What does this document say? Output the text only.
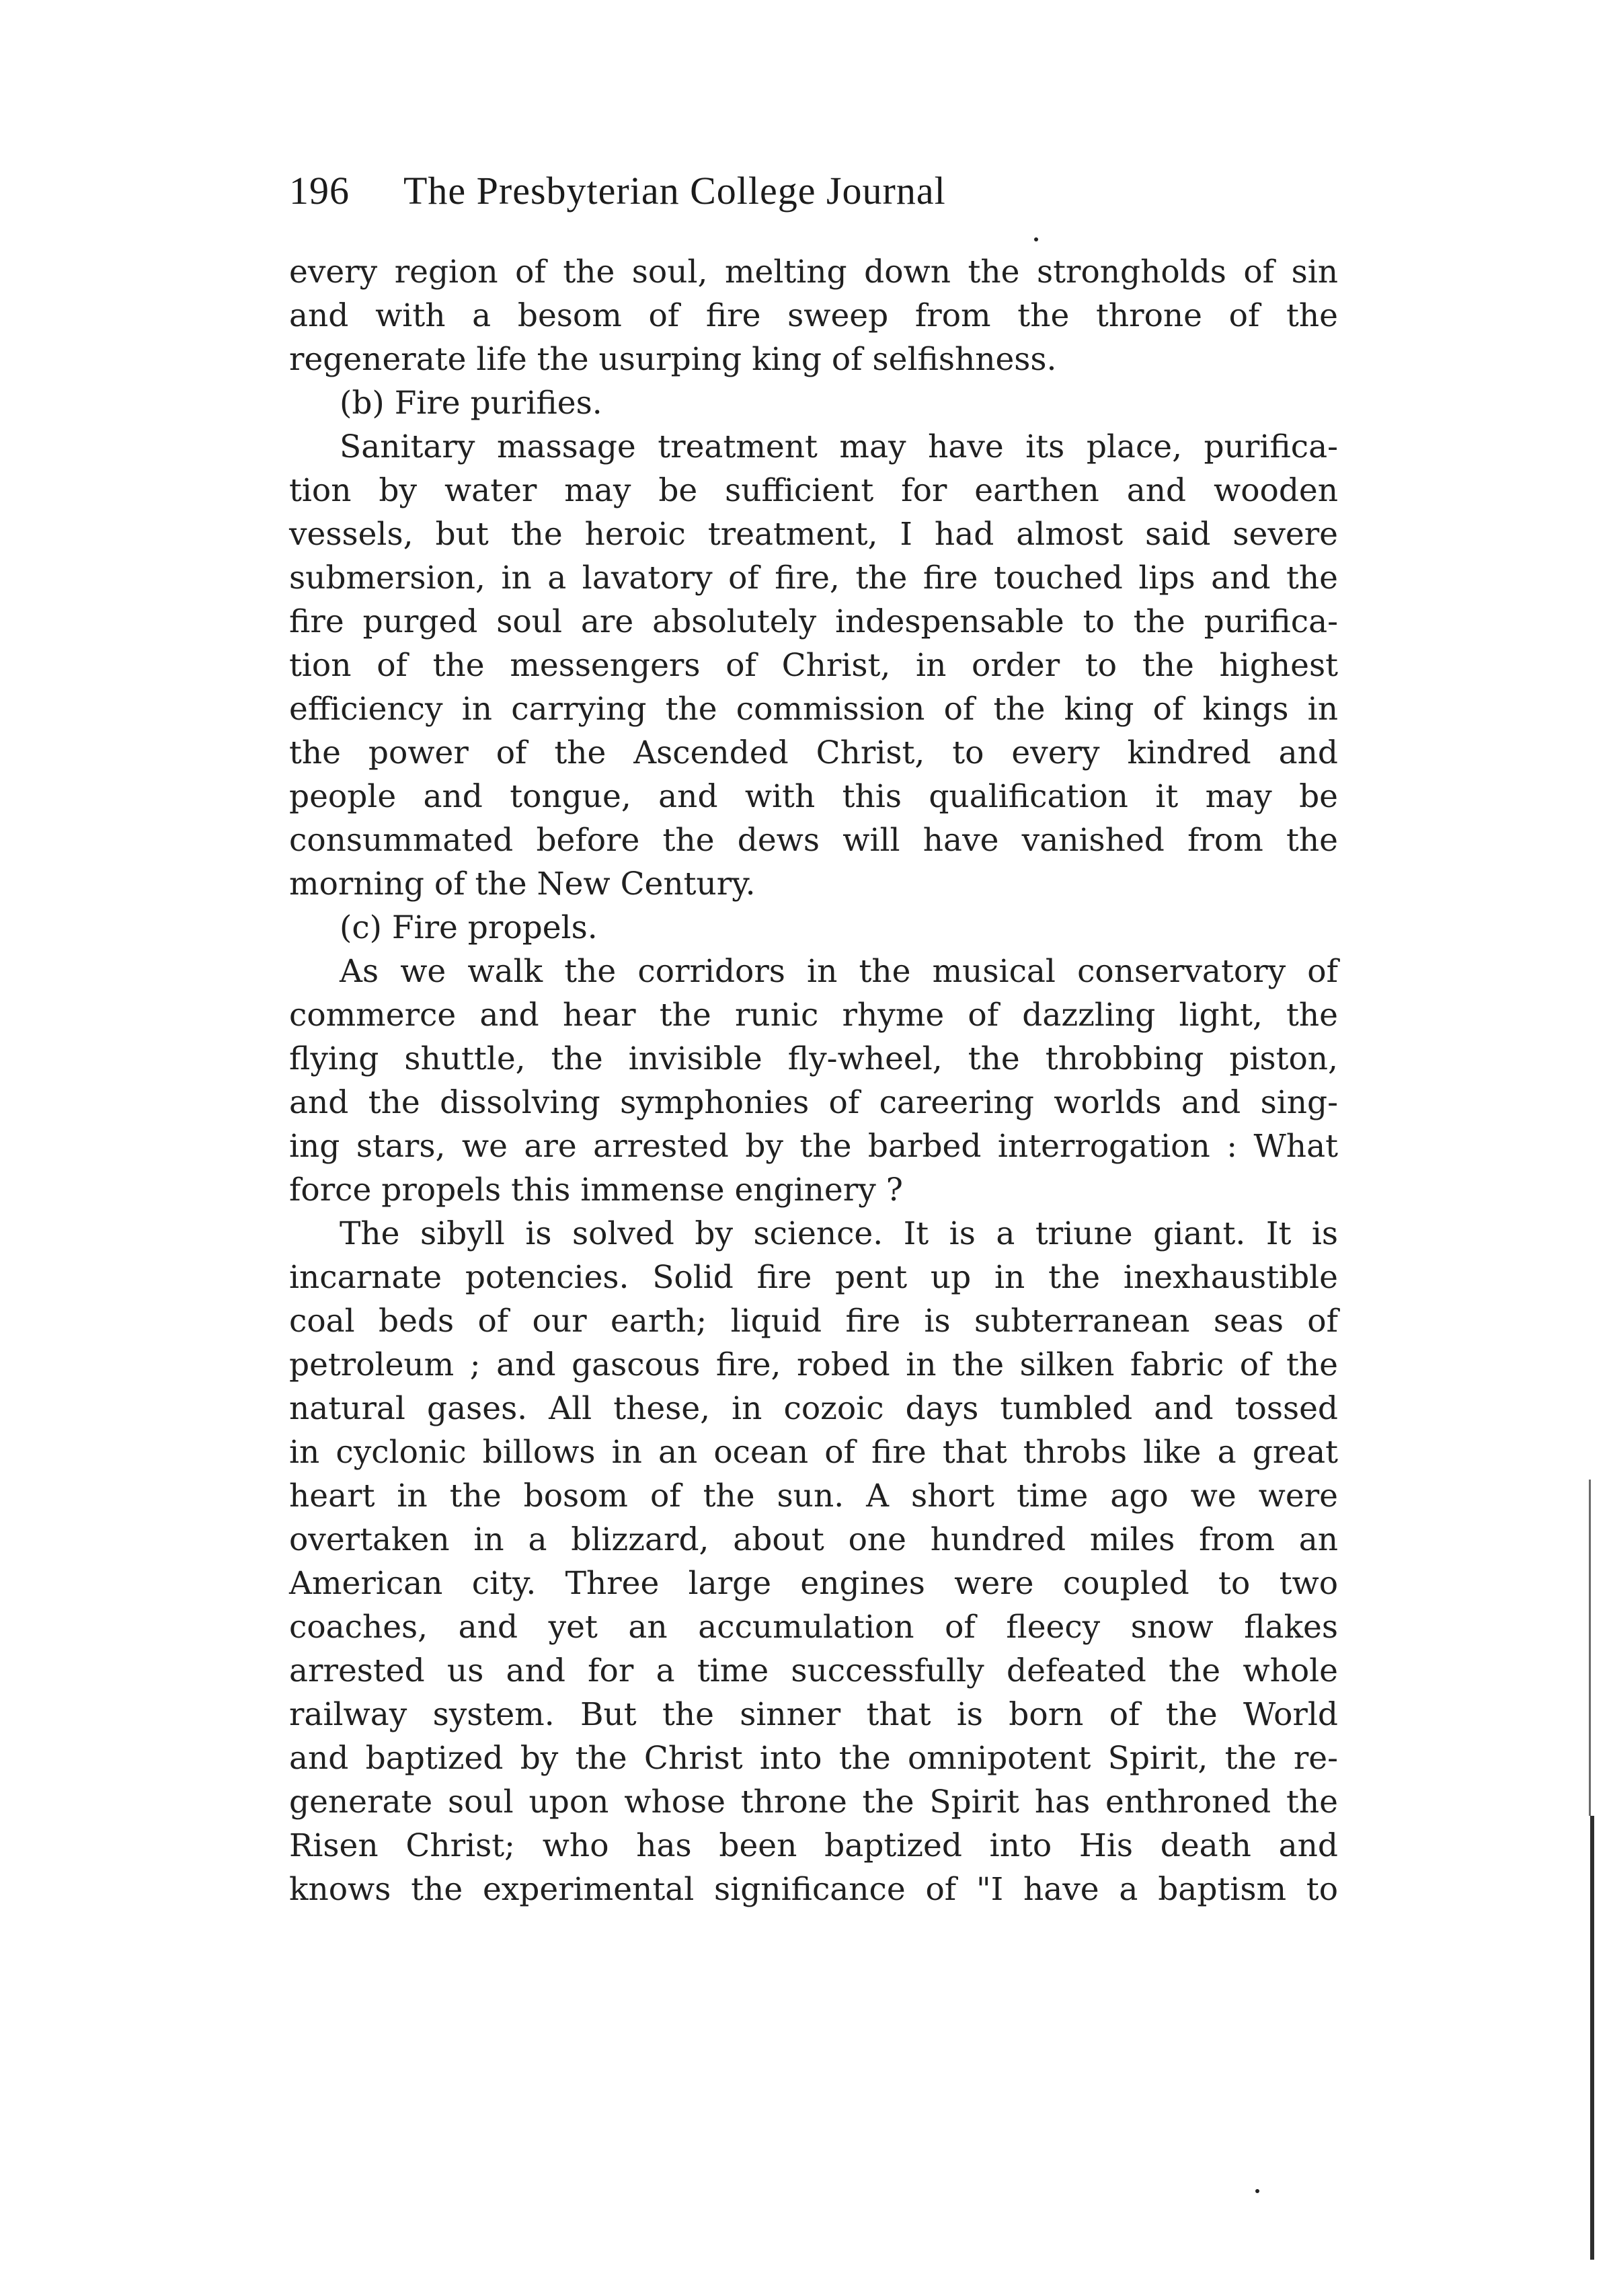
196	The Presbyterian College Journal
every region of the soul, melting down the strongholds of sin
and with a besom of fire sweep from the throne of the
regenerate life the usurping king of selfishness.
(b) Fire purifies.
Sanitary massage treatment may have its place, purifica-
tion by water may be sufficient for earthen and wooden
vessels, but the heroic treatment, I had almost said severe
submersion, in a lavatory of fire, the fire touched lips and the
fire purged soul are absolutely indespensable to the purifica-
tion of the messengers of Christ, in order to the highest
efficiency in carrying the commission of the king of kings in
the power of the Ascended Christ, to every kindred and
people and tongue, and with this qualification it may be
consummated before the dews will have vanished from the
morning of the New Century.
(c) Fire propels.
As we walk the corridors in the musical conservatory of
commerce and hear the runic rhyme of dazzling light, the
flying shuttle, the invisible fly-wheel, the throbbing piston,
and the dissolving symphonies of careering worlds and sing-
ing stars, we are arrested by the barbed interrogation : What
force propels this immense enginery ?
The sibyll is solved by science. It is a triune giant. It is
incarnate potencies. Solid fire pent up in the inexhaustible
coal beds of our earth; liquid fire is subterranean seas of
petroleum ; and gascous fire, robed in the silken fabric of the
natural gases. All these, in cozoic days tumbled and tossed
in cyclonic billows in an ocean of fire that throbs like a great
heart in the bosom of the sun. A short time ago we were
overtaken in a blizzard, about one hundred miles from an
American city. Three large engines were coupled to two
coaches, and yet an accumulation of fleecy snow flakes
arrested us and for a time successfully defeated the whole
railway system. But the sinner that is born of the World
and baptized by the Christ into the omnipotent Spirit, the re-
generate soul upon whose throne the Spirit has enthroned the
Risen Christ; who has been baptized into His death and
knows the experimental significance of "I have a baptism to
